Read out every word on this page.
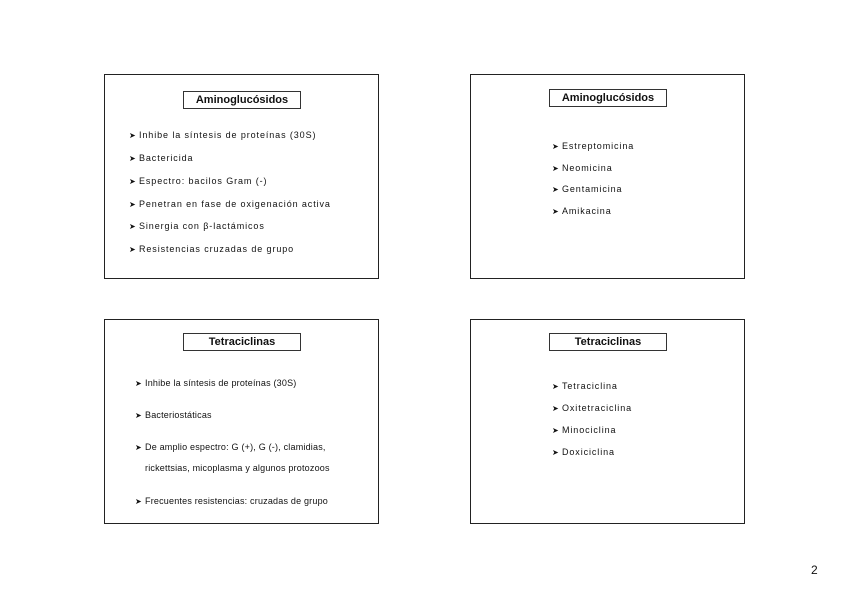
Aminoglucósidos
➤ Inhibe la síntesis de proteínas (30S)
➤ Bactericida
➤ Espectro: bacilos Gram (-)
➤ Penetran en fase de oxigenación activa
➤ Sinergia con β-lactámicos
➤ Resistencias cruzadas de grupo
Aminoglucósidos
➤ Estreptomicina
➤ Neomicina
➤ Gentamicina
➤ Amikacina
Tetraciclinas
➤ Inhibe la síntesis de proteínas (30S)
➤ Bacteriostáticas
➤ De amplio espectro: G (+), G (-), clamidias,
rickettsias, micoplasma y algunos protozoos
➤ Frecuentes resistencias: cruzadas de grupo
Tetraciclinas
➤ Tetraciclina
➤ Oxitetraciclina
➤ Minociclina
➤ Doxiciclina
2
